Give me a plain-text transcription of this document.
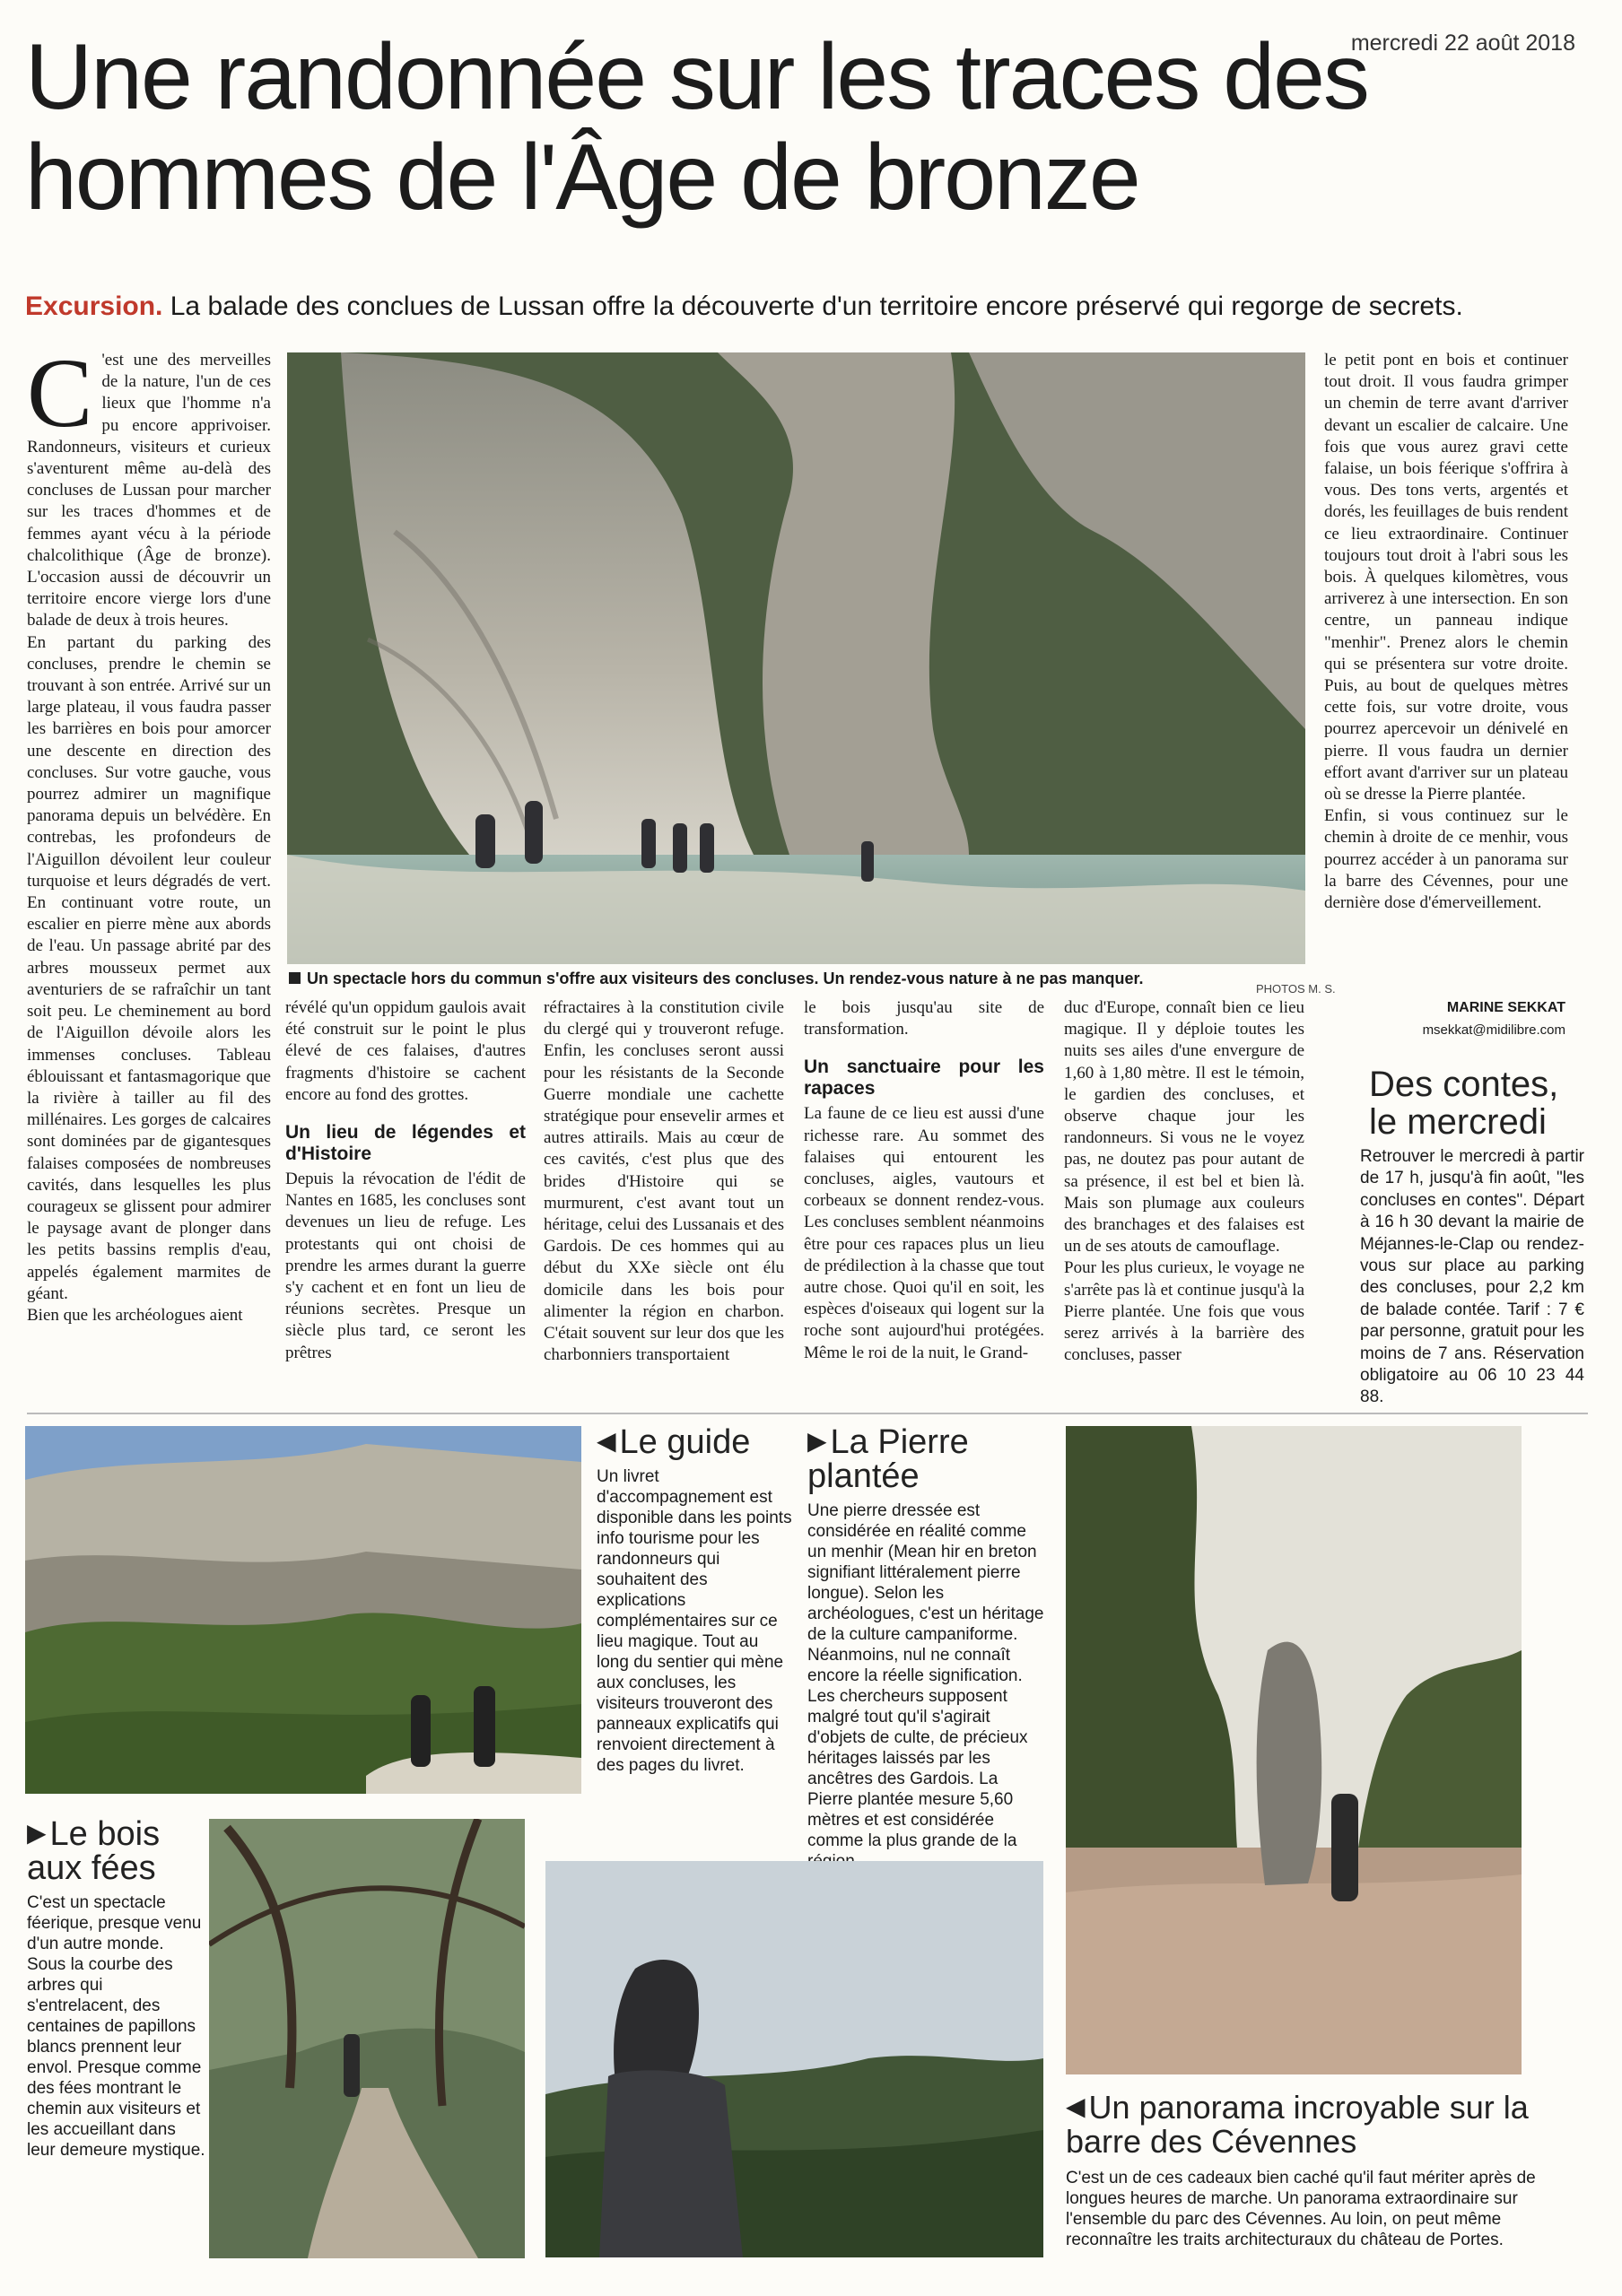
mercredi 22 août 2018
Une randonnée sur les traces des hommes de l'Âge de bronze
Excursion. La balade des conclues de Lussan offre la découverte d'un territoire encore préservé qui regorge de secrets.
Un spectacle hors du commun s'offre aux visiteurs des concluses. Un rendez-vous nature à ne pas manquer.
PHOTOS M. S.
C 'est une des merveilles de la nature, l'un de ces lieux que l'homme n'a pu encore apprivoiser. Randonneurs, visiteurs et curieux s'aventurent même au-delà des concluses de Lussan pour marcher sur les traces d'hommes et de femmes ayant vécu à la période chalcolithique (Âge de bronze). L'occasion aussi de découvrir un territoire encore vierge lors d'une balade de deux à trois heures.

En partant du parking des concluses, prendre le chemin se trouvant à son entrée. Arrivé sur un large plateau, il vous faudra passer les barrières en bois pour amorcer une descente en direction des concluses. Sur votre gauche, vous pourrez admirer un magnifique panorama depuis un belvédère. En contrebas, les profondeurs de l'Aiguillon dévoilent leur couleur turquoise et leurs dégradés de vert. En continuant votre route, un escalier en pierre mène aux abords de l'eau. Un passage abrité par des arbres mousseux permet aux aventuriers de se rafraîchir un tant soit peu. Le cheminement au bord de l'Aiguillon dévoile alors les immenses concluses. Tableau éblouissant et fantasmagorique que la rivière à tailler au fil des millénaires. Les gorges de calcaires sont dominées par de gigantesques falaises composées de nombreuses cavités, dans lesquelles les plus courageux se glissent pour admirer le paysage avant de plonger dans les petits bassins remplis d'eau, appelés également marmites de géant.

Bien que les archéologues aient

révélé qu'un oppidum gaulois avait été construit sur le point le plus élevé de ces falaises, d'autres fragments d'histoire se cachent encore au fond des grottes.

Un lieu de légendes et d'Histoire

Depuis la révocation de l'édit de Nantes en 1685, les concluses sont devenues un lieu de refuge. Les protestants qui ont choisi de prendre les armes durant la guerre s'y cachent et en font un lieu de réunions secrètes. Presque un siècle plus tard, ce seront les prêtres

réfractaires à la constitution civile du clergé qui y trouveront refuge. Enfin, les concluses seront aussi pour les résistants de la Seconde Guerre mondiale une cachette stratégique pour ensevelir armes et autres attirails. Mais au cœur de ces cavités, c'est plus que des brides d'Histoire qui se murmurent, c'est avant tout un héritage, celui des Lussanais et des Gardois. De ces hommes qui au début du XXe siècle ont élu domicile dans les bois pour alimenter la région en charbon. C'était souvent sur leur dos que les charbonniers transportaient

le bois jusqu'au site de transformation.

Un sanctuaire pour les rapaces

La faune de ce lieu est aussi d'une richesse rare. Au sommet des falaises qui entourent les concluses, aigles, vautours et corbeaux se donnent rendez-vous. Les concluses semblent néanmoins être pour ces rapaces plus un lieu de prédilection à la chasse que tout autre chose. Quoi qu'il en soit, les espèces d'oiseaux qui logent sur la roche sont aujourd'hui protégées. Même le roi de la nuit, le Grand-

duc d'Europe, connaît bien ce lieu magique. Il y déploie toutes les nuits ses ailes d'une envergure de 1,60 à 1,80 mètre. Il est le témoin, le gardien des concluses, et observe chaque jour les randonneurs. Si vous ne le voyez pas, ne doutez pas pour autant de sa présence, il est bel et bien là. Mais son plumage aux couleurs des branchages et des falaises est un de ses atouts de camouflage.

Pour les plus curieux, le voyage ne s'arrête pas là et continue jusqu'à la Pierre plantée. Une fois que vous serez arrivés à la barrière des concluses, passer

le petit pont en bois et continuer tout droit. Il vous faudra grimper un chemin de terre avant d'arriver devant un escalier de calcaire. Une fois que vous aurez gravi cette falaise, un bois féerique s'offrira à vous. Des tons verts, argentés et dorés, les feuillages de buis rendent ce lieu extraordinaire. Continuer toujours tout droit à l'abri sous les bois. À quelques kilomètres, vous arriverez à une intersection. En son centre, un panneau indique "menhir". Prenez alors le chemin qui se présentera sur votre droite. Puis, au bout de quelques mètres cette fois, sur votre droite, vous pourrez apercevoir un dénivelé en pierre. Il vous faudra un dernier effort avant d'arriver sur un plateau où se dresse la Pierre plantée.

Enfin, si vous continuez sur le chemin à droite de ce menhir, vous pourrez accéder à un panorama sur la barre des Cévennes, pour une dernière dose d'émerveillement.

MARINE SEKKAT
msekkat@midilibre.com
Des contes, le mercredi
Retrouver le mercredi à partir de 17 h, jusqu'à fin août, "les concluses en contes". Départ à 16 h 30 devant la mairie de Méjannes-le-Clap ou rendez-vous sur place au parking des concluses, pour 2,2 km de balade contée. Tarif : 7 € par personne, gratuit pour les moins de 7 ans. Réservation obligatoire au 06 10 23 44 88.
◀ Le guide
Un livret d'accompagnement est disponible dans les points info tourisme pour les randonneurs qui souhaitent des explications complémentaires sur ce lieu magique. Tout au long du sentier qui mène aux concluses, les visiteurs trouveront des panneaux explicatifs qui renvoient directement à des pages du livret.
▶ La Pierre plantée
Une pierre dressée est considérée en réalité comme un menhir (Mean hir en breton signifiant littéralement pierre longue). Selon les archéologues, c'est un héritage de la culture campaniforme. Néanmoins, nul ne connaît encore la réelle signification. Les chercheurs supposent malgré tout qu'il s'agirait d'objets de culte, de précieux héritages laissés par les ancêtres des Gardois. La Pierre plantée mesure 5,60 mètres et est considérée comme la plus grande de la
▶ Le bois aux fées
C'est un spectacle féerique, presque venu d'un autre monde. Sous la courbe des arbres qui s'entrelacent, des centaines de papillons blancs prennent leur envol. Presque comme des fées montrant le chemin aux visiteurs et les accueillant dans leur demeure mystique.
◀ Un panorama incroyable sur la barre des Cévennes
C'est un de ces cadeaux bien caché qu'il faut mériter après de longues heures de marche. Un panorama extraordinaire sur l'ensemble du parc des Cévennes. Au loin, on peut même reconnaître les traits architecturaux du château de Portes.
